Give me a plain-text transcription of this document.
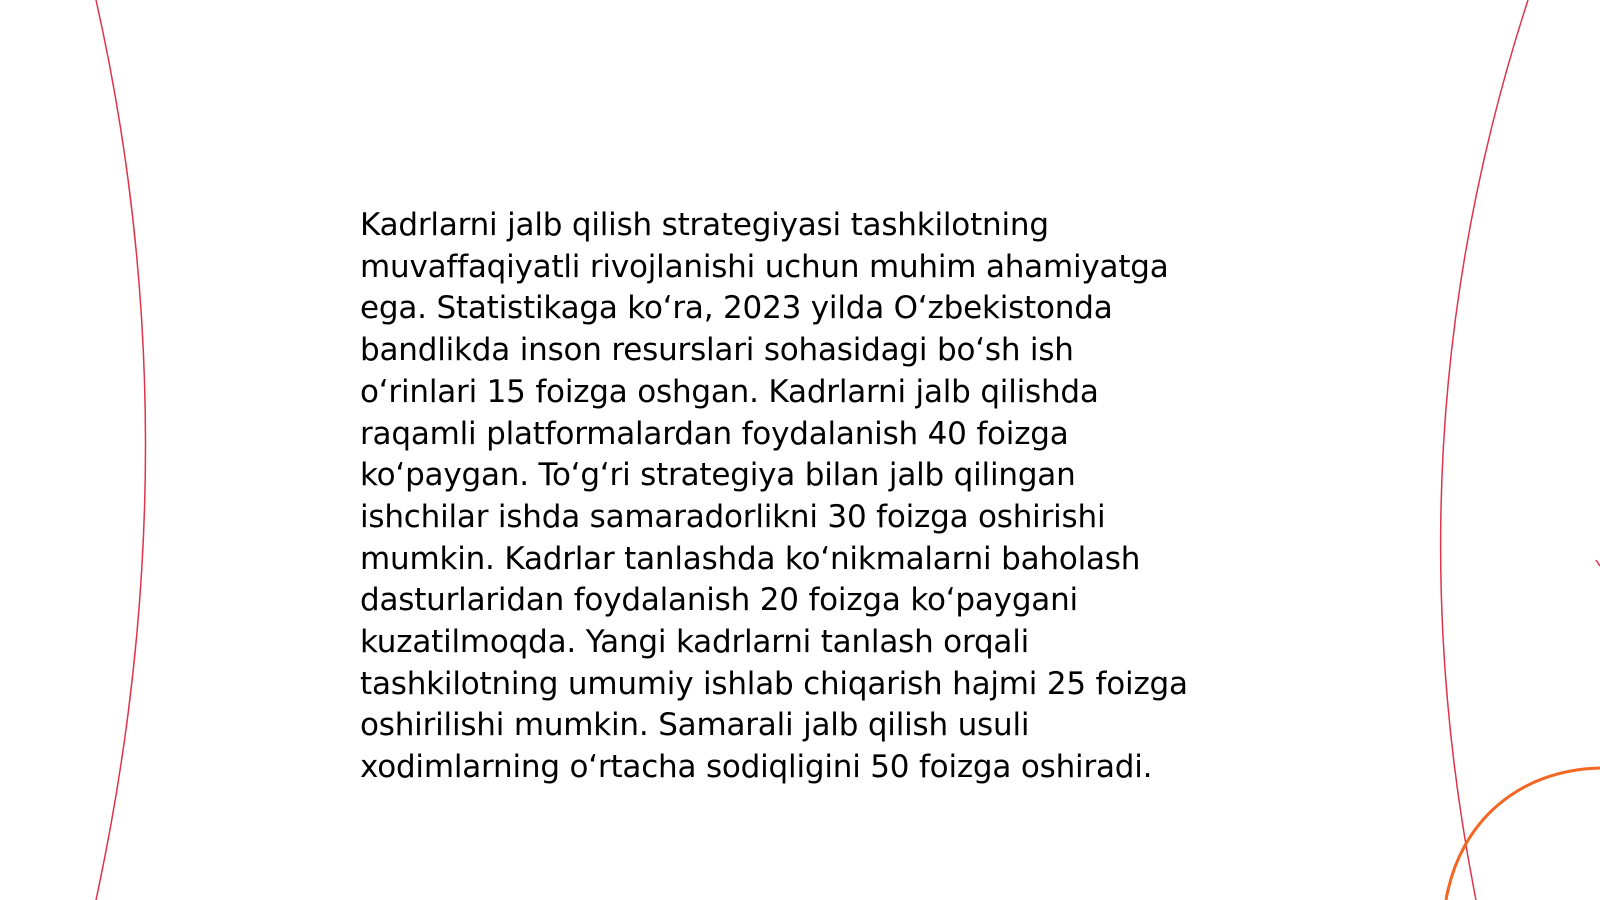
Kadrlarni jalb qilish strategiyasi tashkilotning
muvaffaqiyatli rivojlanishi uchun muhim ahamiyatga
ega. Statistikaga ko‘ra, 2023 yilda O‘zbekistonda
bandlikda inson resurslari sohasidagi bo‘sh ish
o‘rinlari 15 foizga oshgan. Kadrlarni jalb qilishda
raqamli platformalardan foydalanish 40 foizga
ko‘paygan. To‘g‘ri strategiya bilan jalb qilingan
ishchilar ishda samaradorlikni 30 foizga oshirishi
mumkin. Kadrlar tanlashda ko‘nikmalarni baholash
dasturlaridan foydalanish 20 foizga ko‘paygani
kuzatilmoqda. Yangi kadrlarni tanlash orqali
tashkilotning umumiy ishlab chiqarish hajmi 25 foizga
oshirilishi mumkin. Samarali jalb qilish usuli
xodimlarning o‘rtacha sodiqligini 50 foizga oshiradi.
